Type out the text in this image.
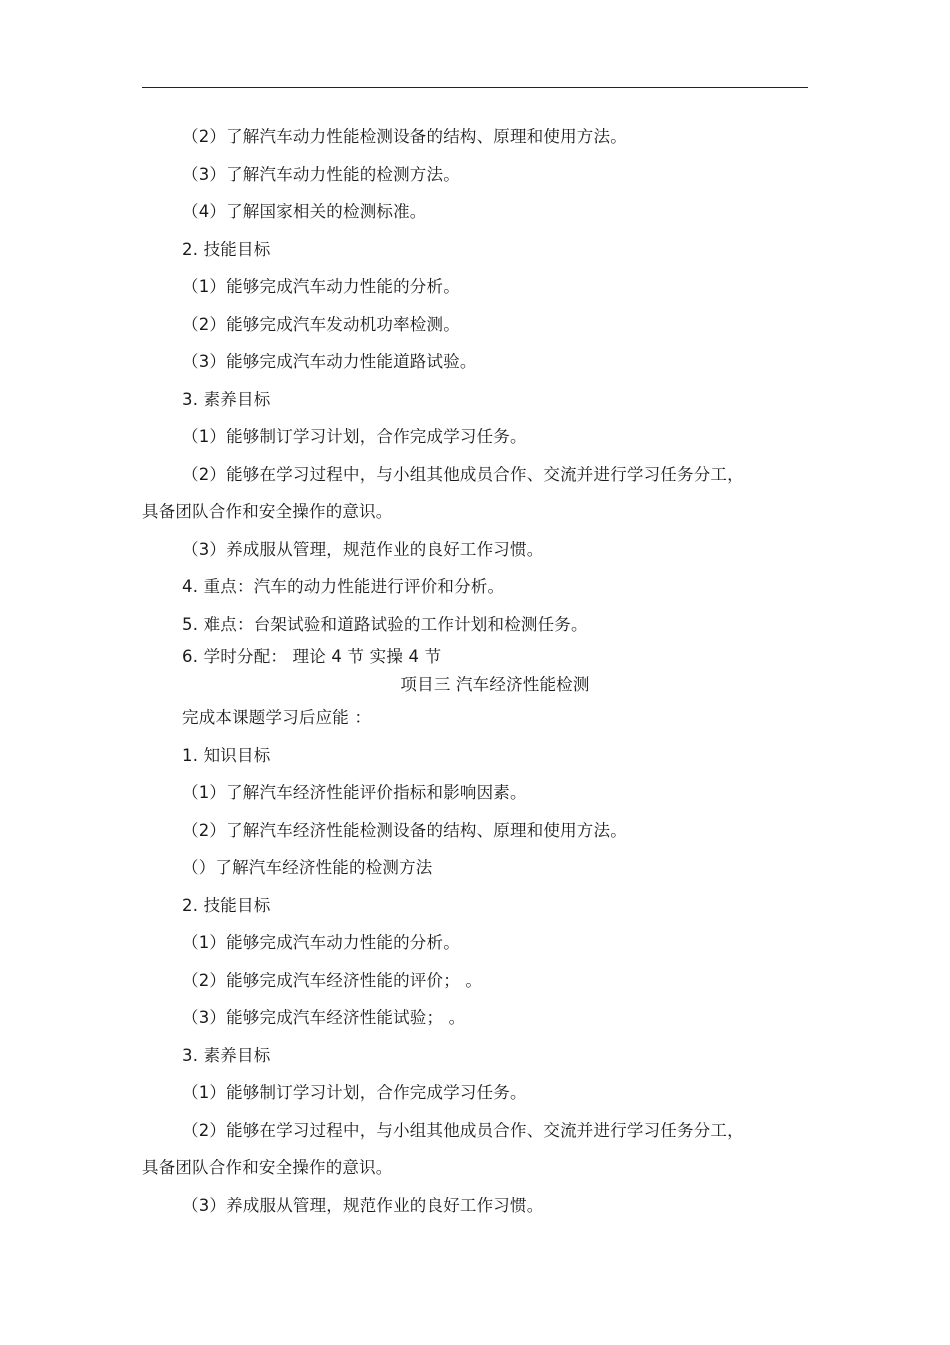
（2）了解汽车动力性能检测设备的结构、原理和使用方法。
（3）了解汽车动力性能的检测方法。
（4）了解国家相关的检测标准。
2. 技能目标
（1）能够完成汽车动力性能的分析。
（2）能够完成汽车发动机功率检测。
（3）能够完成汽车动力性能道路试验。
3. 素养目标
（1）能够制订学习计划，合作完成学习任务。
（2）能够在学习过程中，与小组其他成员合作、交流并进行学习任务分工，
具备团队合作和安全操作的意识。
（3）养成服从管理，规范作业的良好工作习惯。
4. 重点：汽车的动力性能进行评价和分析。
5. 难点：台架试验和道路试验的工作计划和检测任务。
6. 学时分配： 理论 4 节 实操 4 节
项目三 汽车经济性能检测
完成本课题学习后应能 ：
1. 知识目标
（1）了解汽车经济性能评价指标和影响因素。
（2）了解汽车经济性能检测设备的结构、原理和使用方法。
（）了解汽车经济性能的检测方法
2. 技能目标
（1）能够完成汽车动力性能的分析。
（2）能够完成汽车经济性能的评价； 。
（3）能够完成汽车经济性能试验； 。
3. 素养目标
（1）能够制订学习计划，合作完成学习任务。
（2）能够在学习过程中，与小组其他成员合作、交流并进行学习任务分工，
具备团队合作和安全操作的意识。
（3）养成服从管理，规范作业的良好工作习惯。
